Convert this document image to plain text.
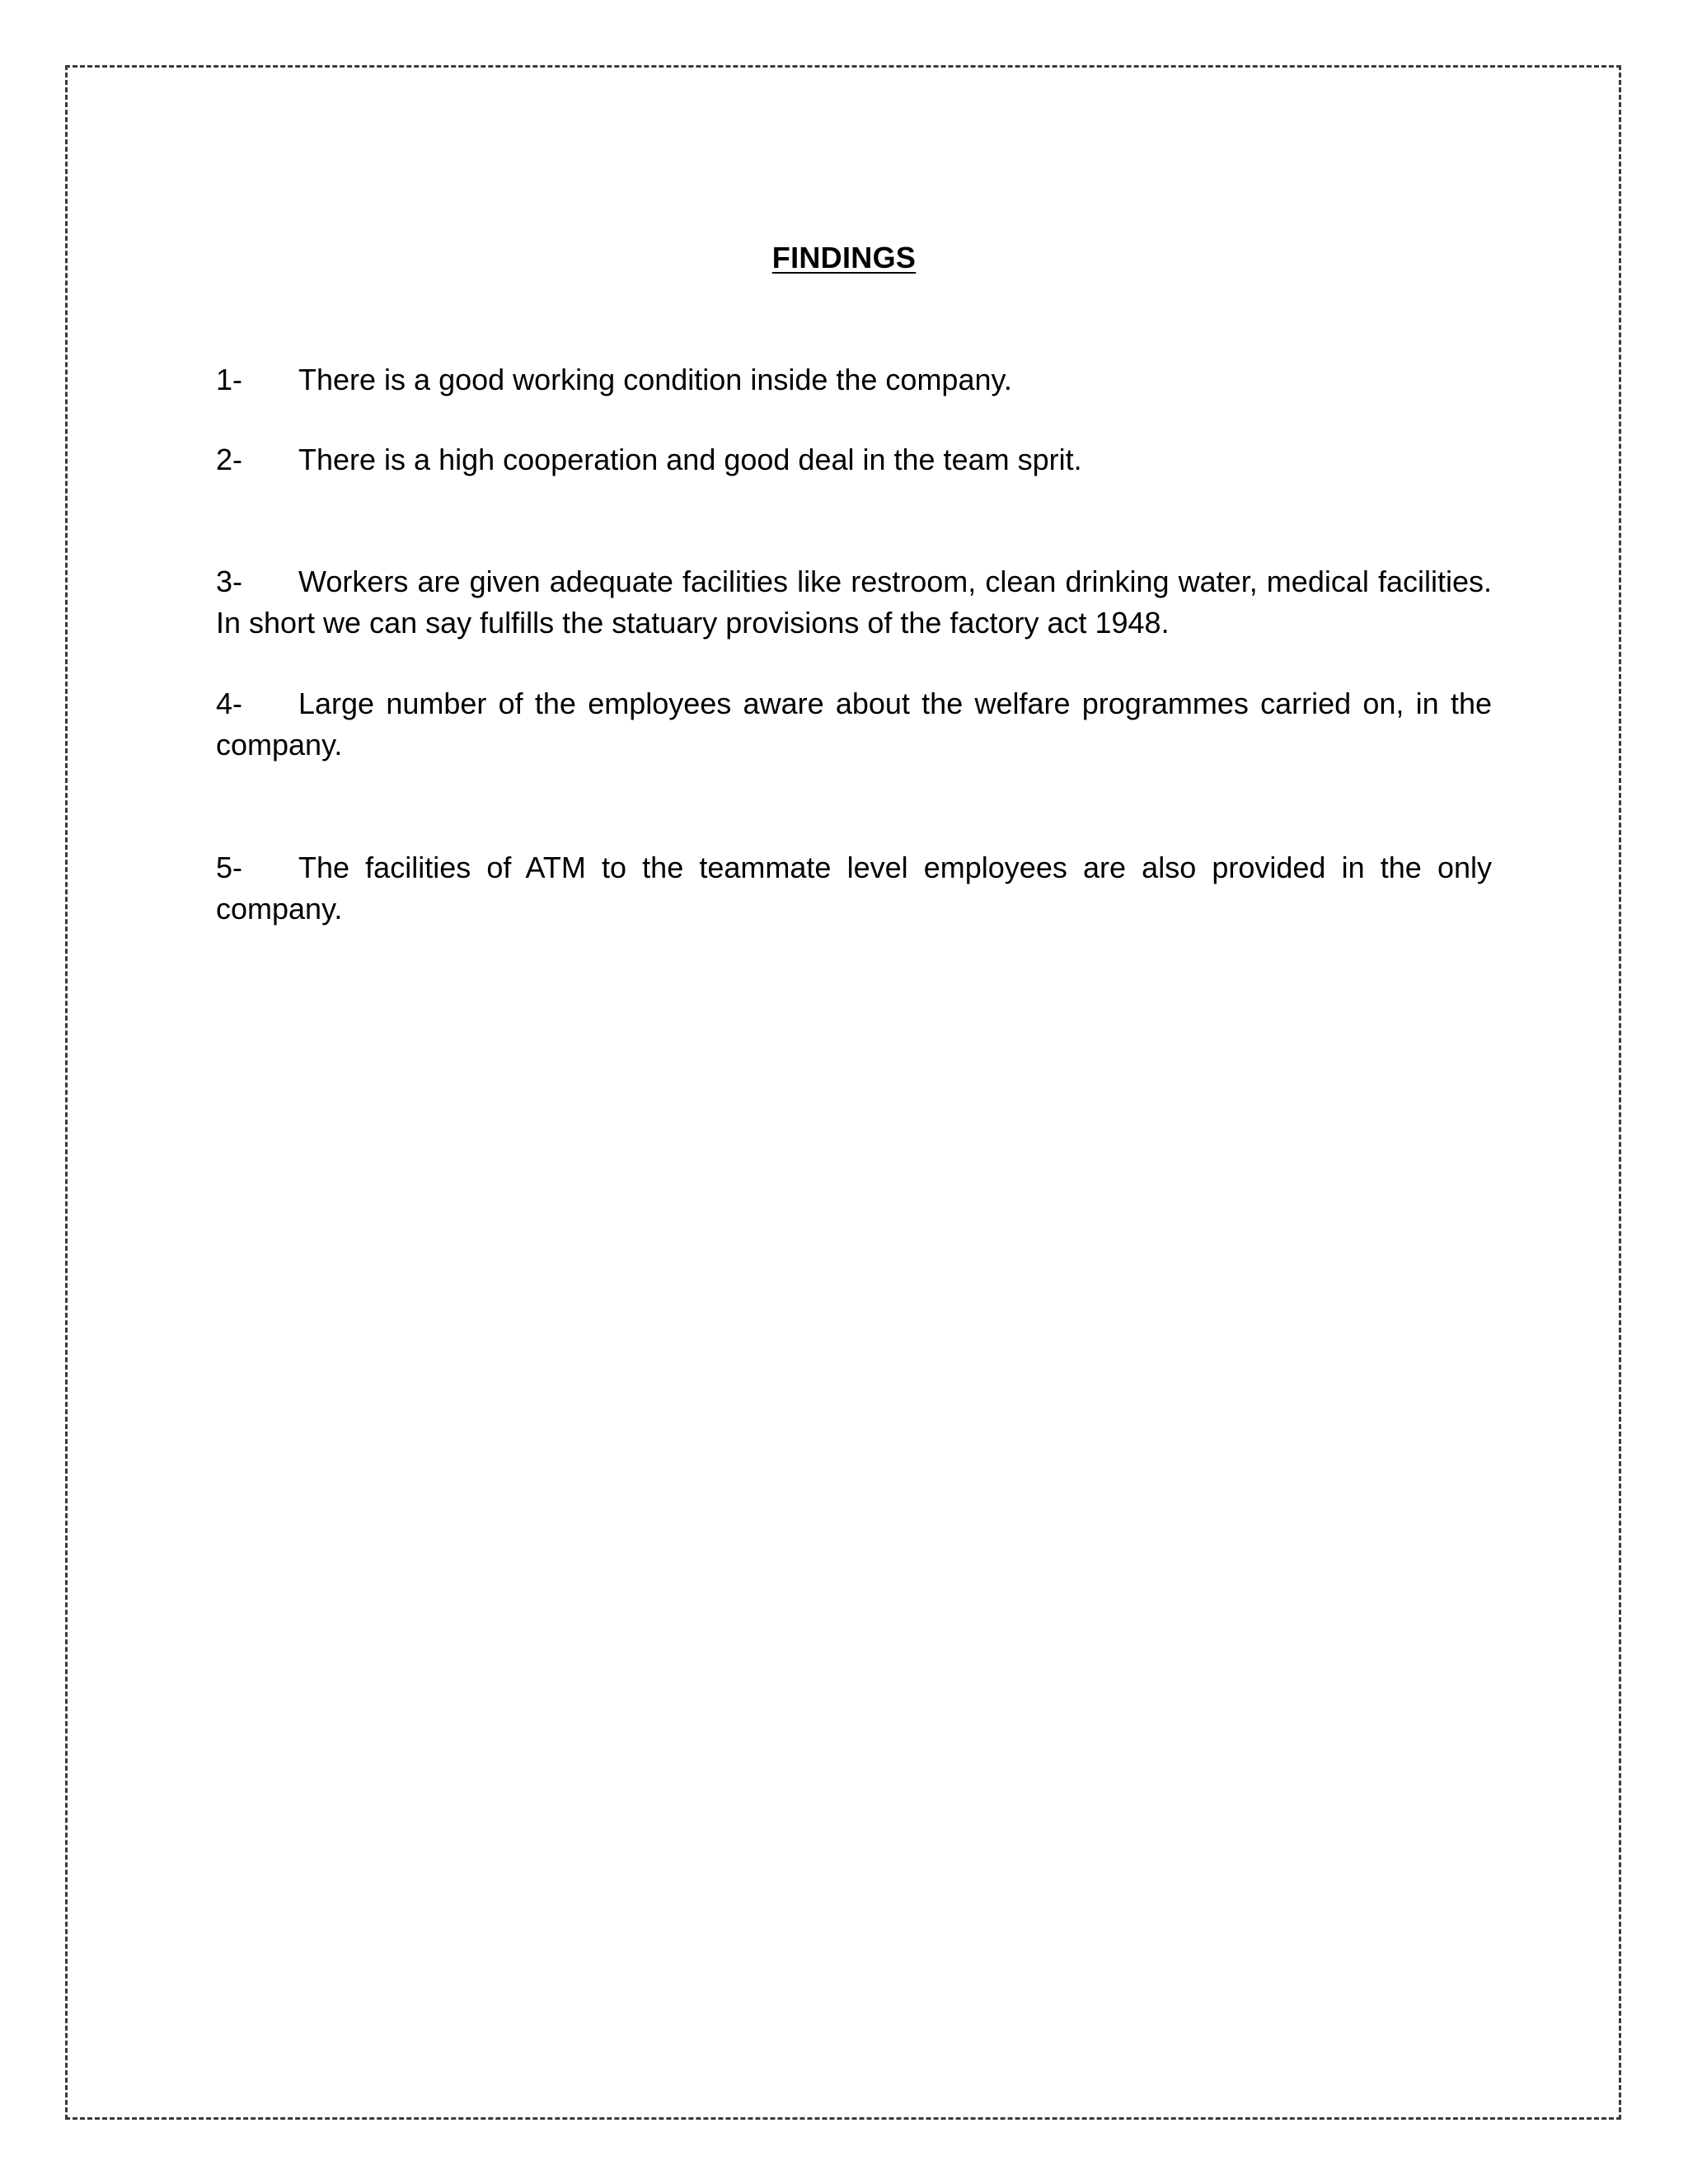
FINDINGS
1- There is a good working condition inside the company.
2- There is a high cooperation and good deal in the team sprit.
3- Workers are given adequate facilities like restroom, clean drinking water, medical facilities. In short we can say fulfills the statuary provisions of the factory act 1948.
4- Large number of the employees aware about the welfare programmes carried on, in the company.
5- The facilities of ATM to the teammate level employees are also provided in the only company.
